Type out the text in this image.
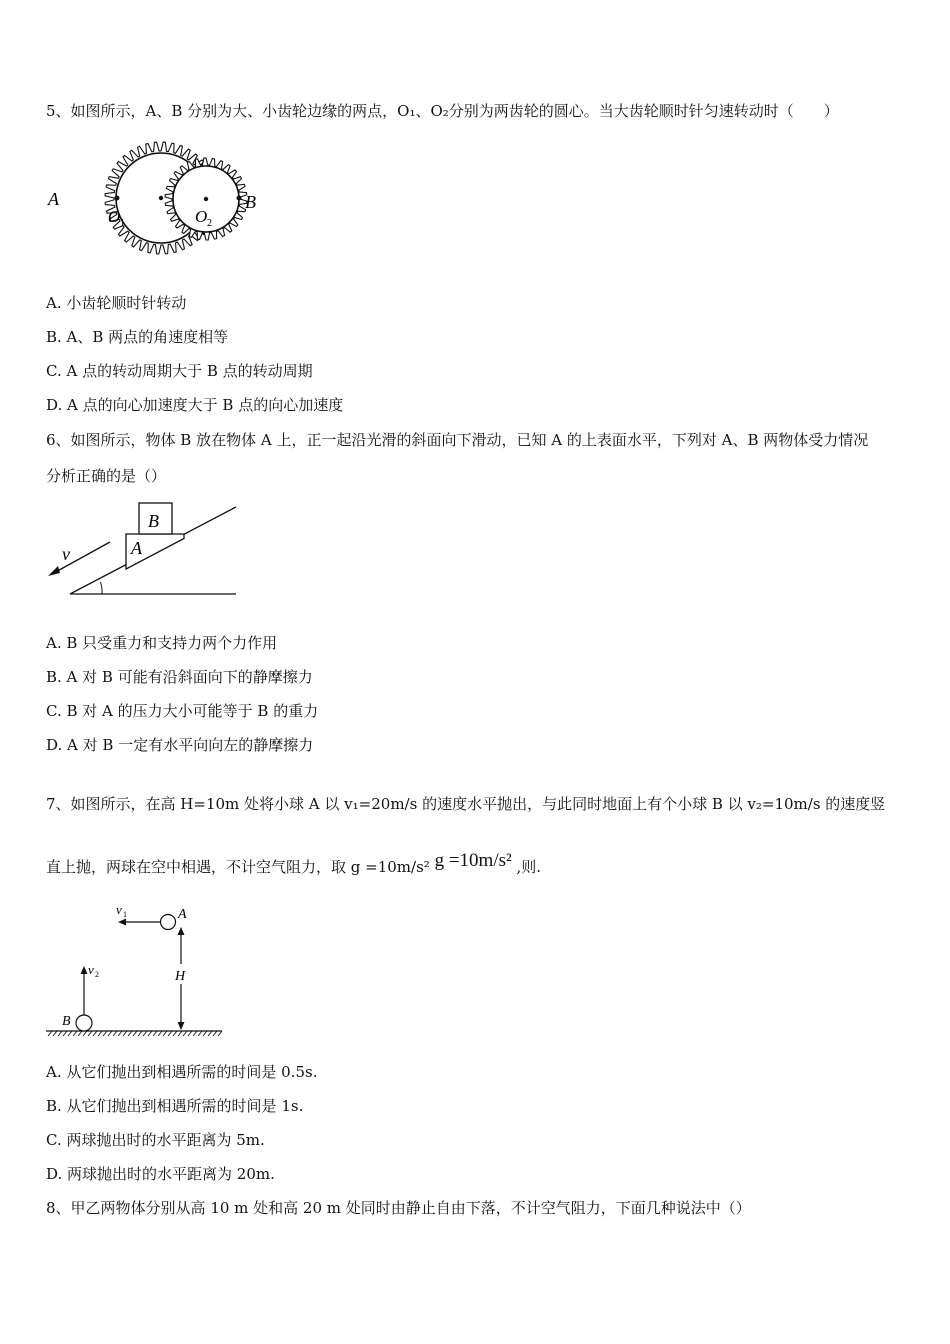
5、如图所示，A、B 分别为大、小齿轮边缘的两点，O₁、O₂分别为两齿轮的圆心。当大齿轮顺时针匀速转动时（　　）
A	B
O 1	O 2
A. 小齿轮顺时针转动
B. A、B 两点的角速度相等
C. A 点的转动周期大于 B 点的转动周期
D. A 点的向心加速度大于 B 点的向心加速度
6、如图所示，物体 B 放在物体 A 上，正一起沿光滑的斜面向下滑动，已知 A 的上表面水平，下列对 A、B 两物体受力情况
分析正确的是（）
A
B
v
A. B 只受重力和支持力两个力作用
B. A 对 B 可能有沿斜面向下的静摩擦力
C. B 对 A 的压力大小可能等于 B 的重力
D. A 对 B 一定有水平向向左的静摩擦力
7、如图所示，在高 H=10m 处将小球 A 以 v₁=20m/s 的速度水平抛出，与此同时地面上有个小球 B 以 v₂=10m/s 的速度竖
直上抛，两球在空中相遇，不计空气阻力，取 g =10m/s² g =10m/s² ,则.
v 1	A
H
v 2
B
A. 从它们抛出到相遇所需的时间是 0.5s.
B. 从它们抛出到相遇所需的时间是 1s.
C. 两球抛出时的水平距离为 5m.
D. 两球抛出时的水平距离为 20m.
8、甲乙两物体分别从高 10 m 处和高 20 m 处同时由静止自由下落，不计空气阻力，下面几种说法中（）
